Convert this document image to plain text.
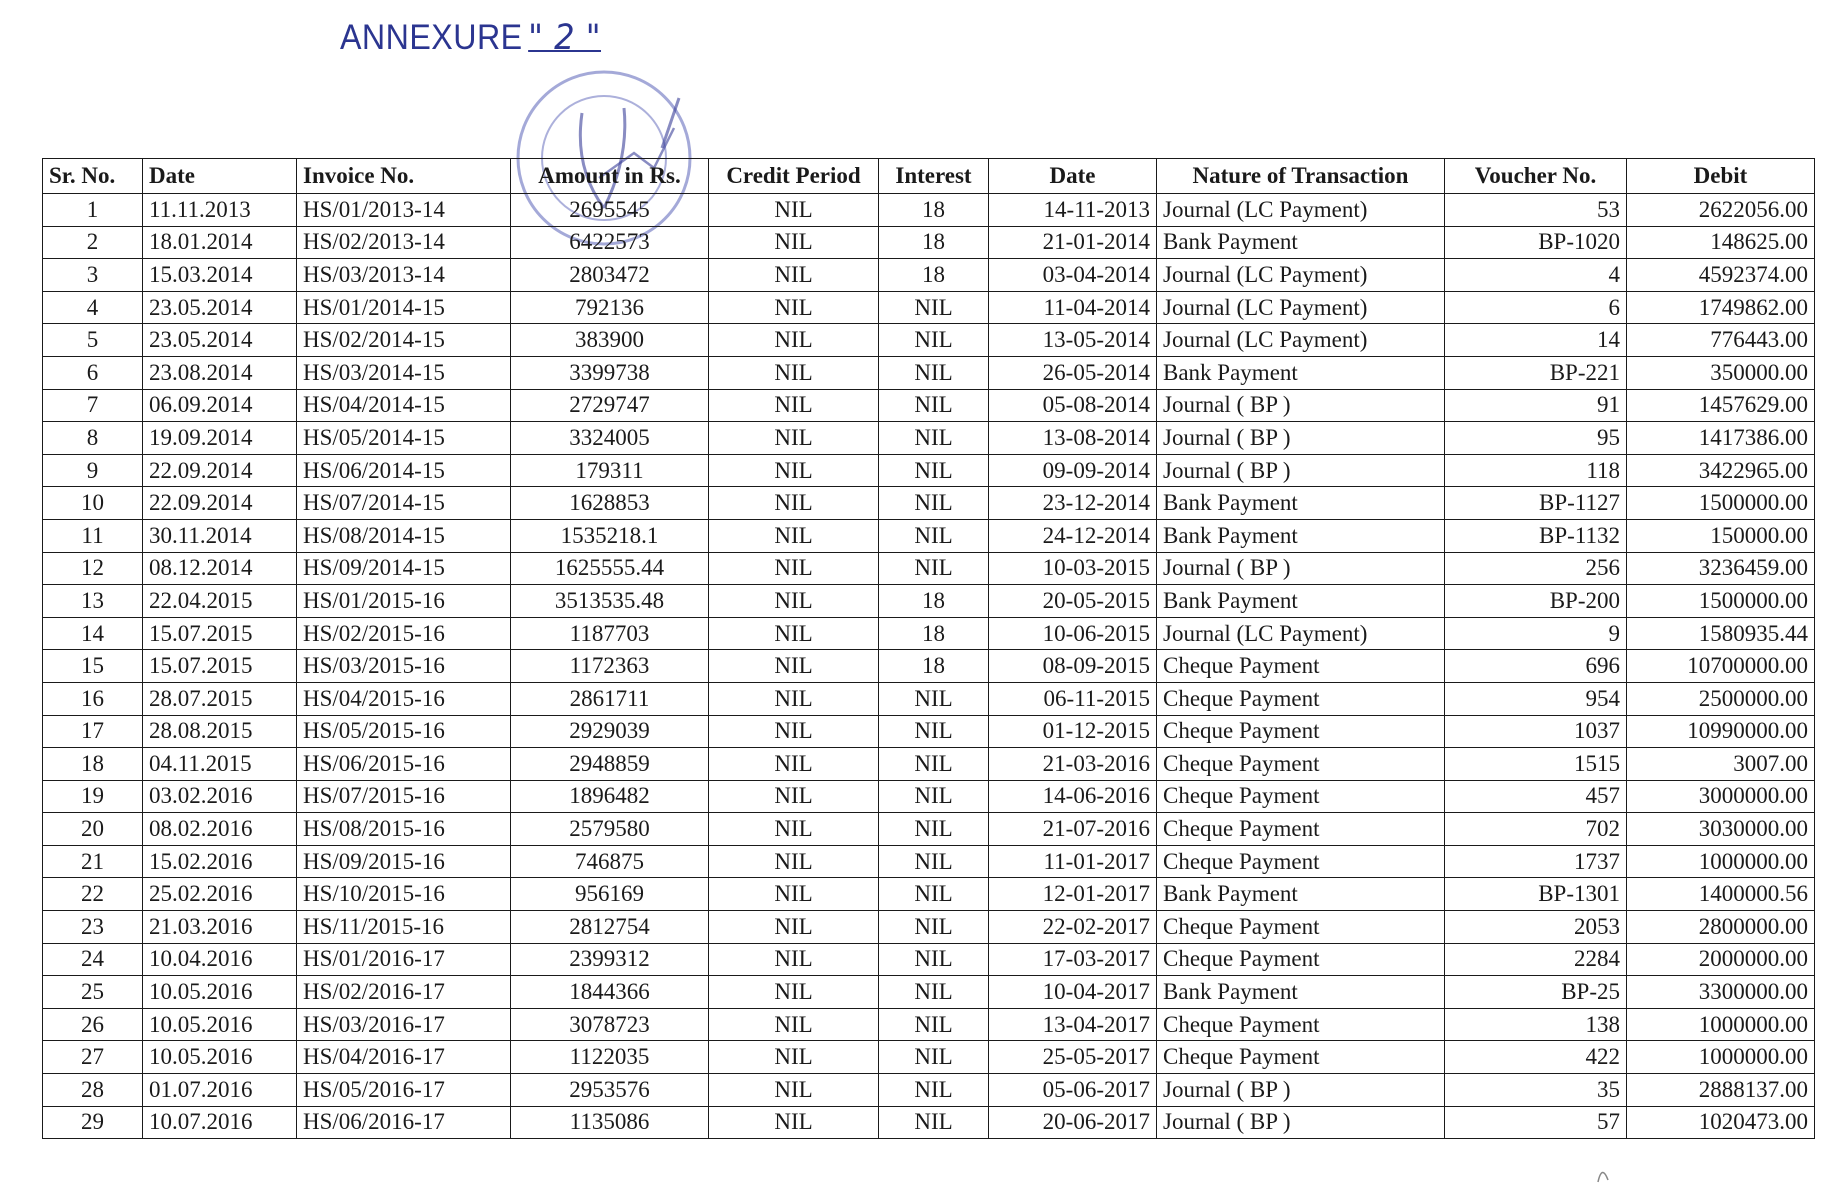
ANNEXURE " 2 "
Sr. No.	Date	Invoice No.	Amount in Rs.	Credit Period	Interest	Date	Nature of Transaction	Voucher No.	Debit
1	11.11.2013	HS/01/2013-14	2695545	NIL	18	14-11-2013	Journal (LC Payment)	53	2622056.00
2	18.01.2014	HS/02/2013-14	6422573	NIL	18	21-01-2014	Bank Payment	BP-1020	148625.00
3	15.03.2014	HS/03/2013-14	2803472	NIL	18	03-04-2014	Journal (LC Payment)	4	4592374.00
4	23.05.2014	HS/01/2014-15	792136	NIL	NIL	11-04-2014	Journal (LC Payment)	6	1749862.00
5	23.05.2014	HS/02/2014-15	383900	NIL	NIL	13-05-2014	Journal (LC Payment)	14	776443.00
6	23.08.2014	HS/03/2014-15	3399738	NIL	NIL	26-05-2014	Bank Payment	BP-221	350000.00
7	06.09.2014	HS/04/2014-15	2729747	NIL	NIL	05-08-2014	Journal ( BP )	91	1457629.00
8	19.09.2014	HS/05/2014-15	3324005	NIL	NIL	13-08-2014	Journal ( BP )	95	1417386.00
9	22.09.2014	HS/06/2014-15	179311	NIL	NIL	09-09-2014	Journal ( BP )	118	3422965.00
10	22.09.2014	HS/07/2014-15	1628853	NIL	NIL	23-12-2014	Bank Payment	BP-1127	1500000.00
11	30.11.2014	HS/08/2014-15	1535218.1	NIL	NIL	24-12-2014	Bank Payment	BP-1132	150000.00
12	08.12.2014	HS/09/2014-15	1625555.44	NIL	NIL	10-03-2015	Journal ( BP )	256	3236459.00
13	22.04.2015	HS/01/2015-16	3513535.48	NIL	18	20-05-2015	Bank Payment	BP-200	1500000.00
14	15.07.2015	HS/02/2015-16	1187703	NIL	18	10-06-2015	Journal (LC Payment)	9	1580935.44
15	15.07.2015	HS/03/2015-16	1172363	NIL	18	08-09-2015	Cheque Payment	696	10700000.00
16	28.07.2015	HS/04/2015-16	2861711	NIL	NIL	06-11-2015	Cheque Payment	954	2500000.00
17	28.08.2015	HS/05/2015-16	2929039	NIL	NIL	01-12-2015	Cheque Payment	1037	10990000.00
18	04.11.2015	HS/06/2015-16	2948859	NIL	NIL	21-03-2016	Cheque Payment	1515	3007.00
19	03.02.2016	HS/07/2015-16	1896482	NIL	NIL	14-06-2016	Cheque Payment	457	3000000.00
20	08.02.2016	HS/08/2015-16	2579580	NIL	NIL	21-07-2016	Cheque Payment	702	3030000.00
21	15.02.2016	HS/09/2015-16	746875	NIL	NIL	11-01-2017	Cheque Payment	1737	1000000.00
22	25.02.2016	HS/10/2015-16	956169	NIL	NIL	12-01-2017	Bank Payment	BP-1301	1400000.56
23	21.03.2016	HS/11/2015-16	2812754	NIL	NIL	22-02-2017	Cheque Payment	2053	2800000.00
24	10.04.2016	HS/01/2016-17	2399312	NIL	NIL	17-03-2017	Cheque Payment	2284	2000000.00
25	10.05.2016	HS/02/2016-17	1844366	NIL	NIL	10-04-2017	Bank Payment	BP-25	3300000.00
26	10.05.2016	HS/03/2016-17	3078723	NIL	NIL	13-04-2017	Cheque Payment	138	1000000.00
27	10.05.2016	HS/04/2016-17	1122035	NIL	NIL	25-05-2017	Cheque Payment	422	1000000.00
28	01.07.2016	HS/05/2016-17	2953576	NIL	NIL	05-06-2017	Journal ( BP )	35	2888137.00
29	10.07.2016	HS/06/2016-17	1135086	NIL	NIL	20-06-2017	Journal ( BP )	57	1020473.00
